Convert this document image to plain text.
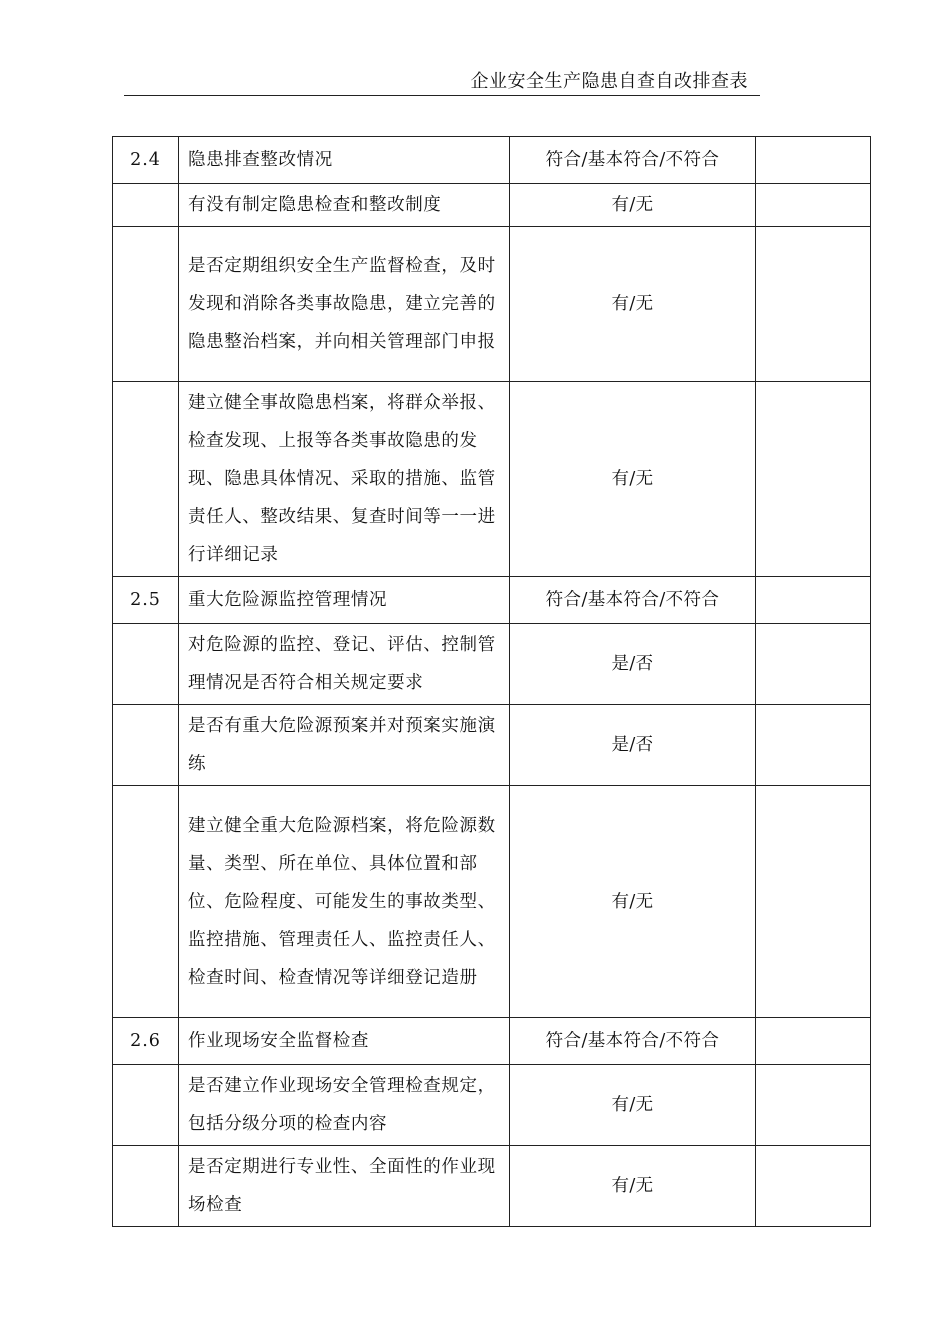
企业安全生产隐患自查自改排查表
2.4	隐患排查整改情况	符合/基本符合/不符合	
	有没有制定隐患检查和整改制度	有/无	
	是否定期组织安全生产监督检查，及时发现和消除各类事故隐患，建立完善的隐患整治档案，并向相关管理部门申报	有/无	
	建立健全事故隐患档案，将群众举报、检查发现、上报等各类事故隐患的发现、隐患具体情况、采取的措施、监管责任人、整改结果、复查时间等一一进行详细记录	有/无	
2.5	重大危险源监控管理情况	符合/基本符合/不符合	
	对危险源的监控、登记、评估、控制管理情况是否符合相关规定要求	是/否	
	是否有重大危险源预案并对预案实施演练	是/否	
	建立健全重大危险源档案，将危险源数量、类型、所在单位、具体位置和部位、危险程度、可能发生的事故类型、监控措施、管理责任人、监控责任人、检查时间、检查情况等详细登记造册	有/无	
2.6	作业现场安全监督检查	符合/基本符合/不符合	
	是否建立作业现场安全管理检查规定，包括分级分项的检查内容	有/无	
	是否定期进行专业性、全面性的作业现场检查	有/无	
